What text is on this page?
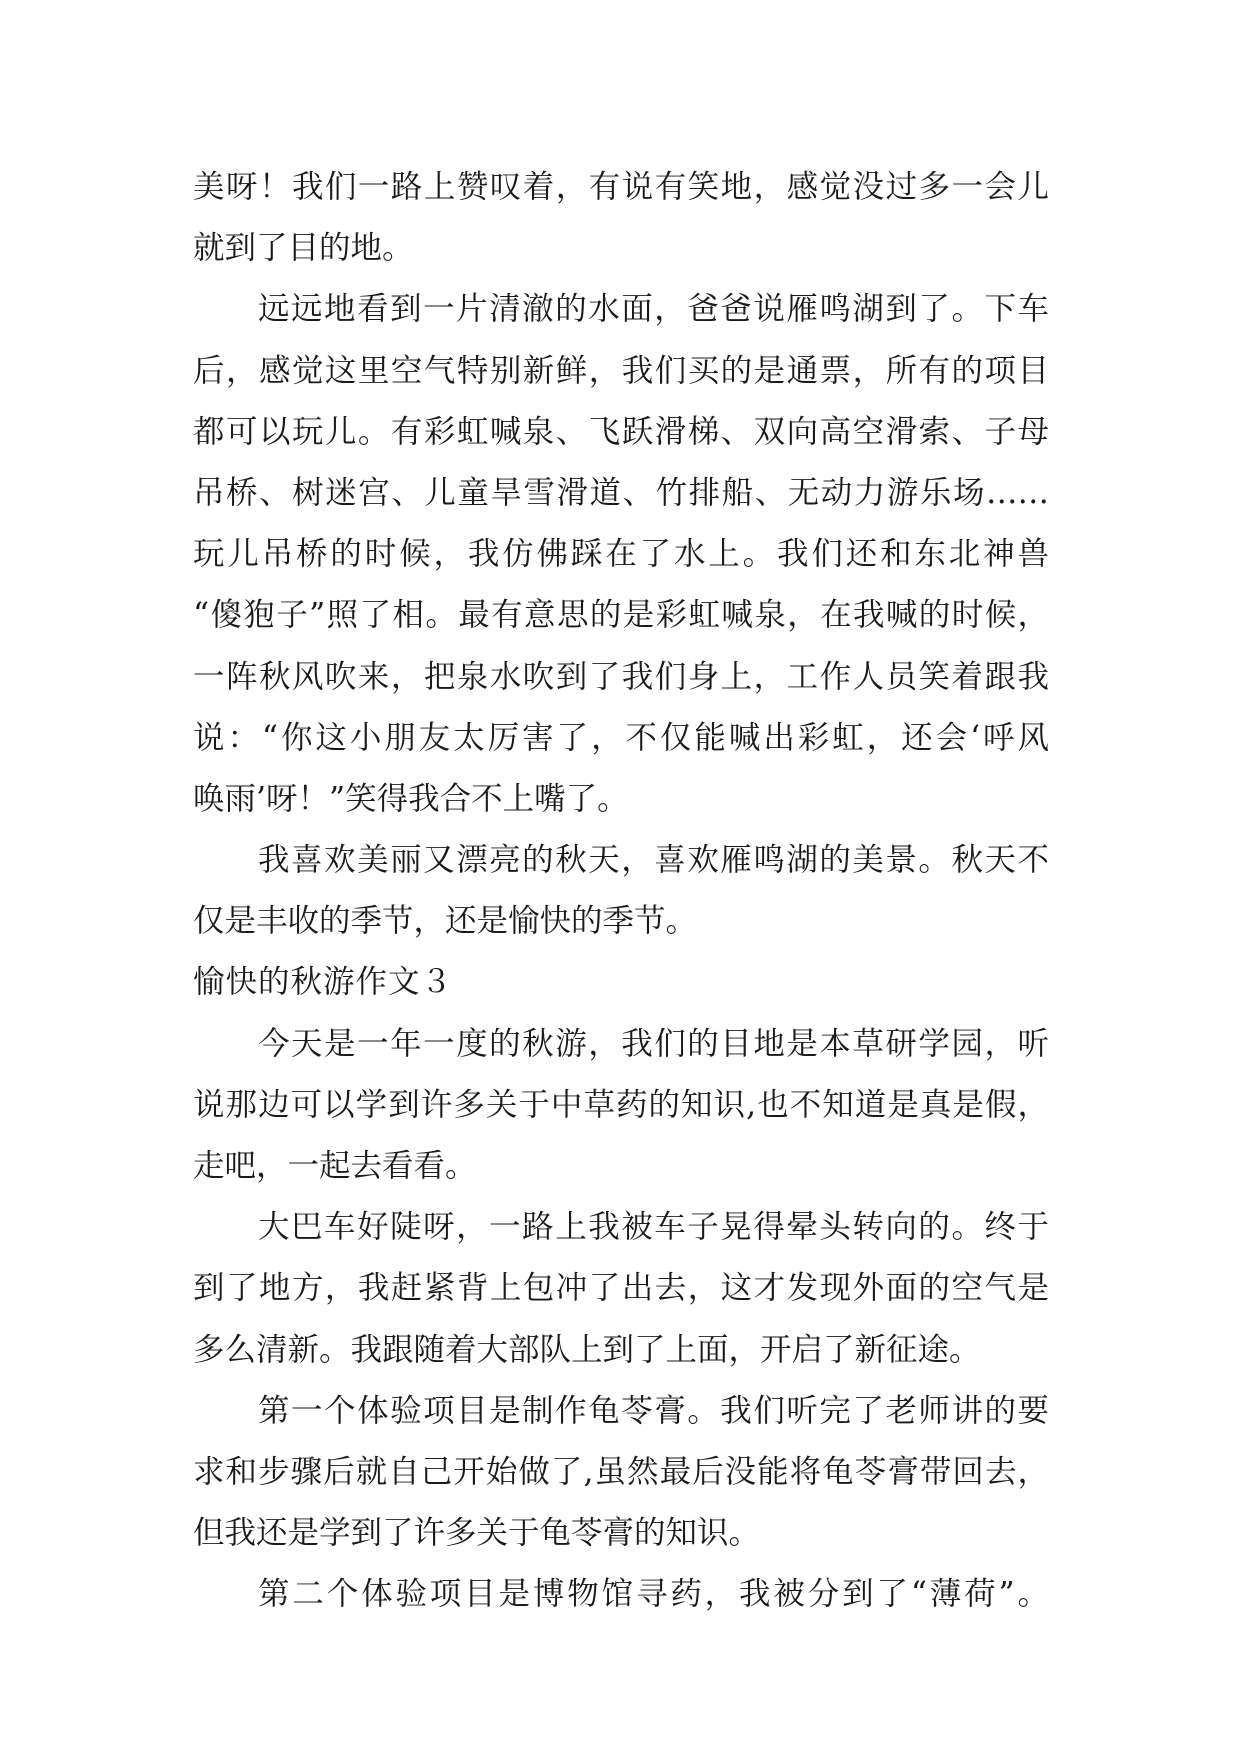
美呀！我们一路上赞叹着，有说有笑地，感觉没过多一会儿
就到了目的地。
远远地看到一片清澈的水面，爸爸说雁鸣湖到了。下车
后，感觉这里空气特别新鲜，我们买的是通票，所有的项目
都可以玩儿。有彩虹喊泉、飞跃滑梯、双向高空滑索、子母
吊桥、树迷宫、儿童旱雪滑道、竹排船、无动力游乐场……
玩儿吊桥的时候，我仿佛踩在了水上。我们还和东北神兽
“傻狍子”照了相。最有意思的是彩虹喊泉，在我喊的时候，
一阵秋风吹来，把泉水吹到了我们身上，工作人员笑着跟我
说：“你这小朋友太厉害了，不仅能喊出彩虹，还会‘呼风
唤雨’呀！”笑得我合不上嘴了。
我喜欢美丽又漂亮的秋天，喜欢雁鸣湖的美景。秋天不
仅是丰收的季节，还是愉快的季节。
愉快的秋游作文３
今天是一年一度的秋游，我们的目地是本草研学园，听
说那边可以学到许多关于中草药的知识,也不知道是真是假，
走吧，一起去看看。
大巴车好陡呀，一路上我被车子晃得晕头转向的。终于
到了地方，我赶紧背上包冲了出去，这才发现外面的空气是
多么清新。我跟随着大部队上到了上面，开启了新征途。
第一个体验项目是制作龟苓膏。我们听完了老师讲的要
求和步骤后就自己开始做了,虽然最后没能将龟苓膏带回去，
但我还是学到了许多关于龟苓膏的知识。
第二个体验项目是博物馆寻药，我被分到了“薄荷”。
